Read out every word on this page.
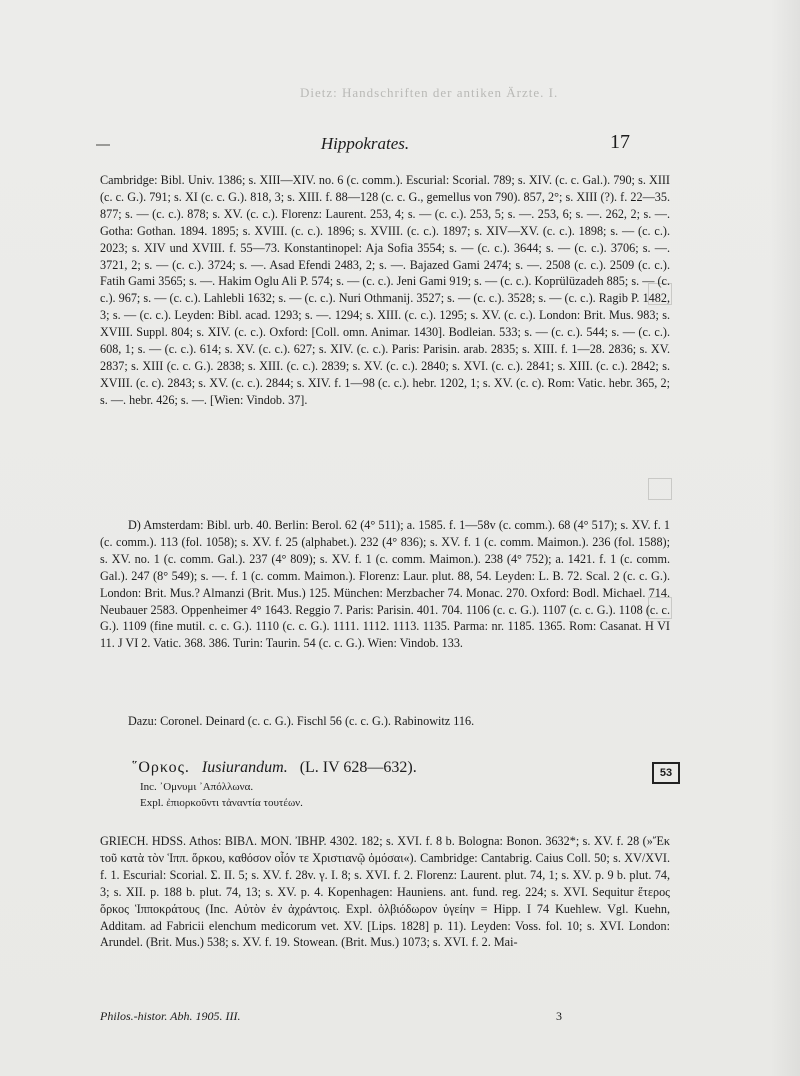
Dietz: Handschriften der antiken Ärzte. I.
Hippokrates.	17

Cambridge: Bibl. Univ. 1386; s. XIII—XIV. no. 6 (c. comm.). Escurial: Scorial. 789; s. XIV. (c. c. Gal.). 790; s. XIII (c. c. G.). 791; s. XI (c. c. G.). 818, 3; s. XIII. f. 88—128 (c. c. G., gemellus von 790). 857, 2°; s. XIII (?). f. 22—35. 877; s. — (c. c.). 878; s. XV. (c. c.). Florenz: Laurent. 253, 4; s. — (c. c.). 253, 5; s. —. 253, 6; s. —. 262, 2; s. —. Gotha: Gothan. 1894. 1895; s. XVIII. (c. c.). 1896; s. XVIII. (c. c.). 1897; s. XIV—XV. (c. c.). 1898; s. — (c. c.). 2023; s. XIV und XVIII. f. 55—73. Konstantinopel: Aja Sofia 3554; s. — (c. c.). 3644; s. — (c. c.). 3706; s. —. 3721, 2; s. — (c. c.). 3724; s. —. Asad Efendi 2483, 2; s. —. Bajazed Gami 2474; s. —. 2508 (c. c.). 2509 (c. c.). Fatih Gami 3565; s. —. Hakim Oglu Ali P. 574; s. — (c. c.). Jeni Gami 919; s. — (c. c.). Koprülüzadeh 885; s. — (c. c.). 967; s. — (c. c.). Lahlebli 1632; s. — (c. c.). Nuri Othmanij. 3527; s. — (c. c.). 3528; s. — (c. c.). Ragib P. 1482, 3; s. — (c. c.). Leyden: Bibl. acad. 1293; s. —. 1294; s. XIII. (c. c.). 1295; s. XV. (c. c.). London: Brit. Mus. 983; s. XVIII. Suppl. 804; s. XIV. (c. c.). Oxford: [Coll. omn. Animar. 1430]. Bodleian. 533; s. — (c. c.). 544; s. — (c. c.). 608, 1; s. — (c. c.). 614; s. XV. (c. c.). 627; s. XIV. (c. c.). Paris: Parisin. arab. 2835; s. XIII. f. 1—28. 2836; s. XV. 2837; s. XIII (c. c. G.). 2838; s. XIII. (c. c.). 2839; s. XV. (c. c.). 2840; s. XVI. (c. c.). 2841; s. XIII. (c. c.). 2842; s. XVIII. (c. c). 2843; s. XV. (c. c.). 2844; s. XIV. f. 1—98 (c. c.). hebr. 1202, 1; s. XV. (c. c). Rom: Vatic. hebr. 365, 2; s. —. hebr. 426; s. —. [Wien: Vindob. 37].

D) Amsterdam: Bibl. urb. 40. Berlin: Berol. 62 (4° 511); a. 1585. f. 1—58v (c. comm.). 68 (4° 517); s. XV. f. 1 (c. comm.). 113 (fol. 1058); s. XV. f. 25 (alphabet.). 232 (4° 836); s. XV. f. 1 (c. comm. Maimon.). 236 (fol. 1588); s. XV. no. 1 (c. comm. Gal.). 237 (4° 809); s. XV. f. 1 (c. comm. Maimon.). 238 (4° 752); a. 1421. f. 1 (c. comm. Gal.). 247 (8° 549); s. —. f. 1 (c. comm. Maimon.). Florenz: Laur. plut. 88, 54. Leyden: L. B. 72. Scal. 2 (c. c. G.). London: Brit. Mus.? Almanzi (Brit. Mus.) 125. München: Merzbacher 74. Monac. 270. Oxford: Bodl. Michael. 714. Neubauer 2583. Oppenheimer 4° 1643. Reggio 7. Paris: Parisin. 401. 704. 1106 (c. c. G.). 1107 (c. c. G.). 1108 (c. c. G.). 1109 (fine mutil. c. c. G.). 1110 (c. c. G.). 1111. 1112. 1113. 1135. Parma: nr. 1185. 1365. Rom: Casanat. H VI 11. J VI 2. Vatic. 368. 386. Turin: Taurin. 54 (c. c. G.). Wien: Vindob. 133.

Dazu: Coronel. Deinard (c. c. G.). Fischl 56 (c. c. G.). Rabinowitz 116.

῞Ορκος. Iusiurandum. (L. IV 628—632).	53
Inc. ᾿Ομνυμι ᾿Απόλλωνα.
Expl. ἐπιορκοῦντι τἀναντία τουτέων.

GRIECH. HDSS. Athos: ΒΙΒΛ. ΜΟΝ. ἸΒΗΡ. 4302. 182; s. XVI. f. 8 b. Bologna: Bonon. 3632*; s. XV. f. 28 (»Ἔκ τοῦ κατὰ τὸν Ἱππ. ὅρκου, καθόσον οἷόν τε Χριστιανῷ ὀμόσαι«). Cambridge: Cantabrig. Caius Coll. 50; s. XV/XVI. f. 1. Escurial: Scorial. Σ. II. 5; s. XV. f. 28v. γ. I. 8; s. XVI. f. 2. Florenz: Laurent. plut. 74, 1; s. XV. p. 9 b. plut. 74, 3; s. XII. p. 188 b. plut. 74, 13; s. XV. p. 4. Kopenhagen: Hauniens. ant. fund. reg. 224; s. XVI. Sequitur ἕτερος ὅρκος Ἱπποκράτους (Inc. Αὐτὸν ἐν ἀχράντοις. Expl. ὀλβιόδωρον ὑγείην = Hipp. I 74 Kuehlew. Vgl. Kuehn, Additam. ad Fabricii elenchum medicorum vet. XV. [Lips. 1828] p. 11). Leyden: Voss. fol. 10; s. XVI. London: Arundel. (Brit. Mus.) 538; s. XV. f. 19. Stowean. (Brit. Mus.) 1073; s. XVI. f. 2. Mai-

Philos.-histor. Abh. 1905. III.	3
